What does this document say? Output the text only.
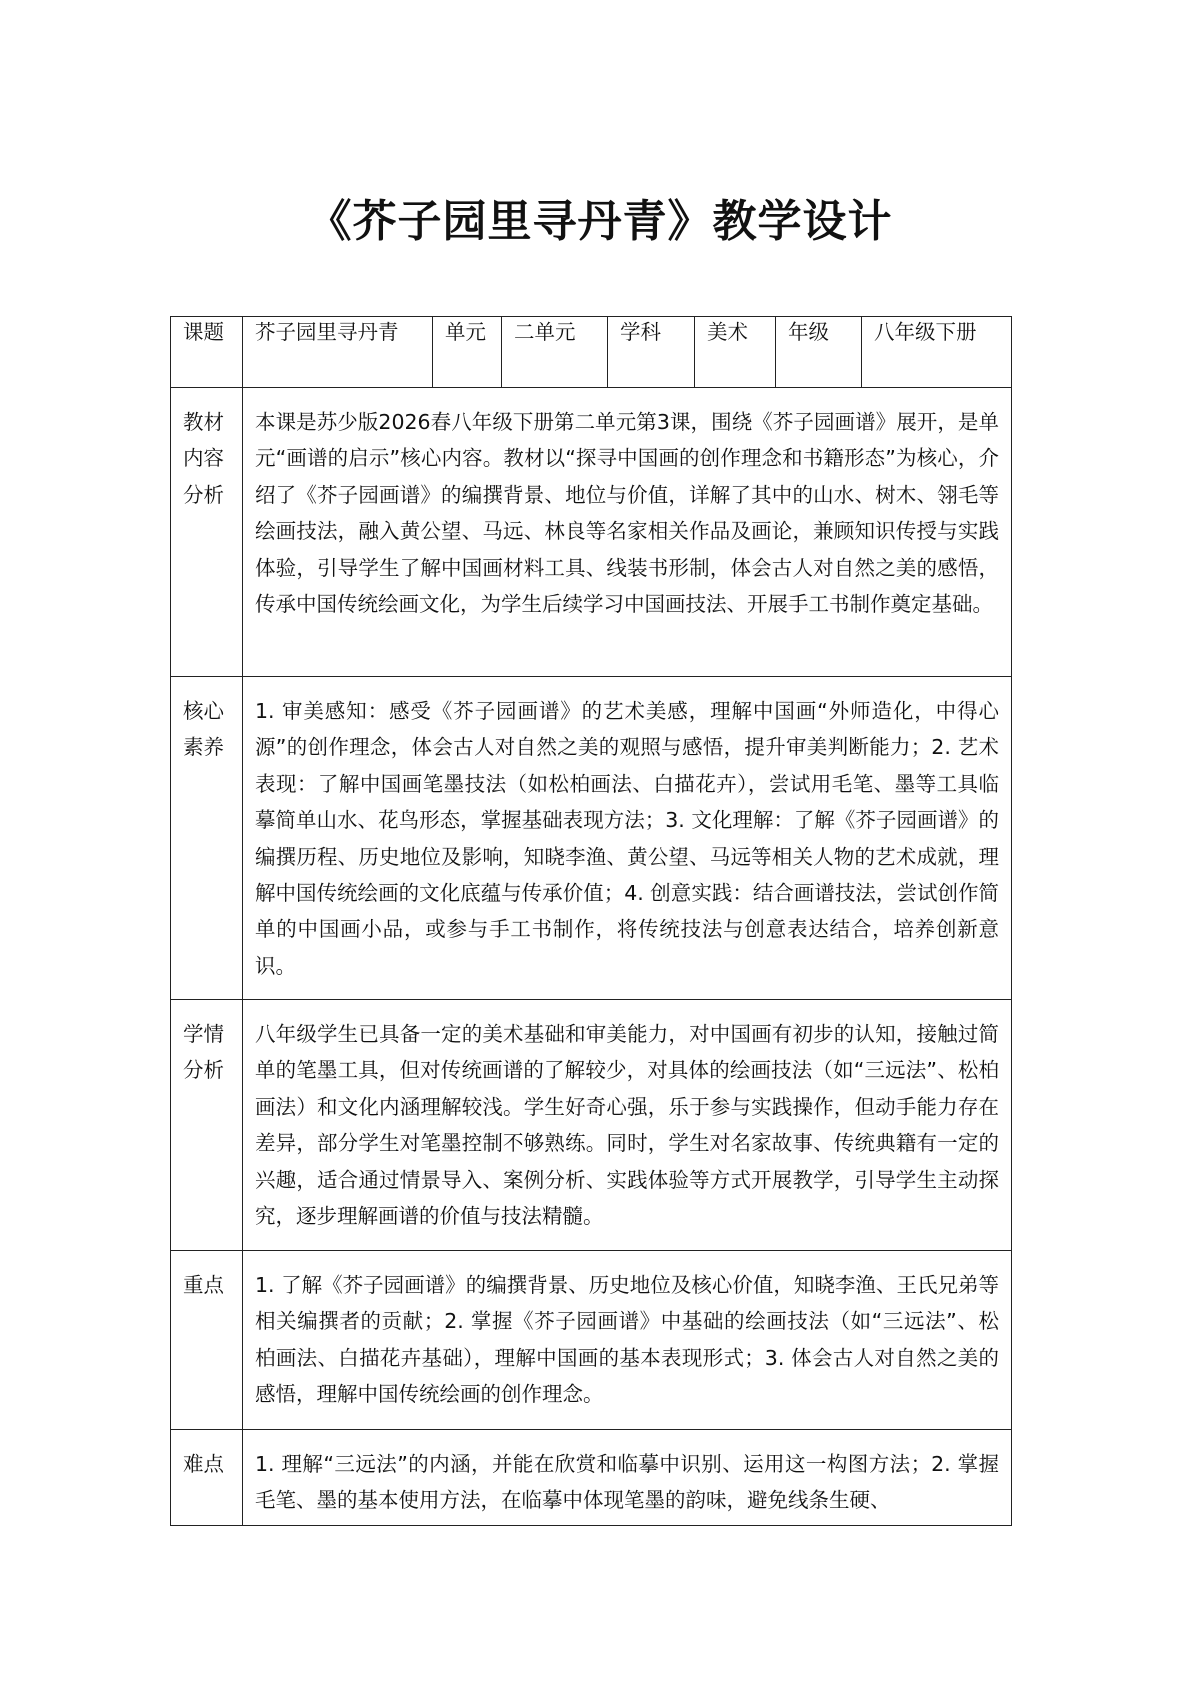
《芥子园里寻丹青》教学设计
课题	芥子园里寻丹青	单元	二单元	学科	美术	年级	八年级下册

教材内容分析	本课是苏少版2026春八年级下册第二单元第3课，围绕《芥子园画谱》展开，是单元“画谱的启示”核心内容。教材以“探寻中国画的创作理念和书籍形态”为核心，介绍了《芥子园画谱》的编撰背景、地位与价值，详解了其中的山水、树木、翎毛等绘画技法，融入黄公望、马远、林良等名家相关作品及画论，兼顾知识传授与实践体验，引导学生了解中国画材料工具、线装书形制，体会古人对自然之美的感悟，传承中国传统绘画文化，为学生后续学习中国画技法、开展手工书制作奠定基础。						

核心素养	1. 审美感知：感受《芥子园画谱》的艺术美感，理解中国画“外师造化，中得心源”的创作理念，体会古人对自然之美的观照与感悟，提升审美判断能力；2. 艺术表现：了解中国画笔墨技法（如松柏画法、白描花卉），尝试用毛笔、墨等工具临摹简单山水、花鸟形态，掌握基础表现方法；3. 文化理解：了解《芥子园画谱》的编撰历程、历史地位及影响，知晓李渔、黄公望、马远等相关人物的艺术成就，理解中国传统绘画的文化底蕴与传承价值；4. 创意实践：结合画谱技法，尝试创作简单的中国画小品，或参与手工书制作，将传统技法与创意表达结合，培养创新意识。						

学情分析	八年级学生已具备一定的美术基础和审美能力，对中国画有初步的认知，接触过简单的笔墨工具，但对传统画谱的了解较少，对具体的绘画技法（如“三远法”、松柏画法）和文化内涵理解较浅。学生好奇心强，乐于参与实践操作，但动手能力存在差异，部分学生对笔墨控制不够熟练。同时，学生对名家故事、传统典籍有一定的兴趣，适合通过情景导入、案例分析、实践体验等方式开展教学，引导学生主动探究，逐步理解画谱的价值与技法精髓。						

重点	1. 了解《芥子园画谱》的编撰背景、历史地位及核心价值，知晓李渔、王氏兄弟等相关编撰者的贡献；2. 掌握《芥子园画谱》中基础的绘画技法（如“三远法”、松柏画法、白描花卉基础），理解中国画的基本表现形式；3. 体会古人对自然之美的感悟，理解中国传统绘画的创作理念。						

难点	1. 理解“三远法”的内涵，并能在欣赏和临摹中识别、运用这一构图方法；2. 掌握毛笔、墨的基本使用方法，在临摹中体现笔墨的韵味，避免线条生硬、						
